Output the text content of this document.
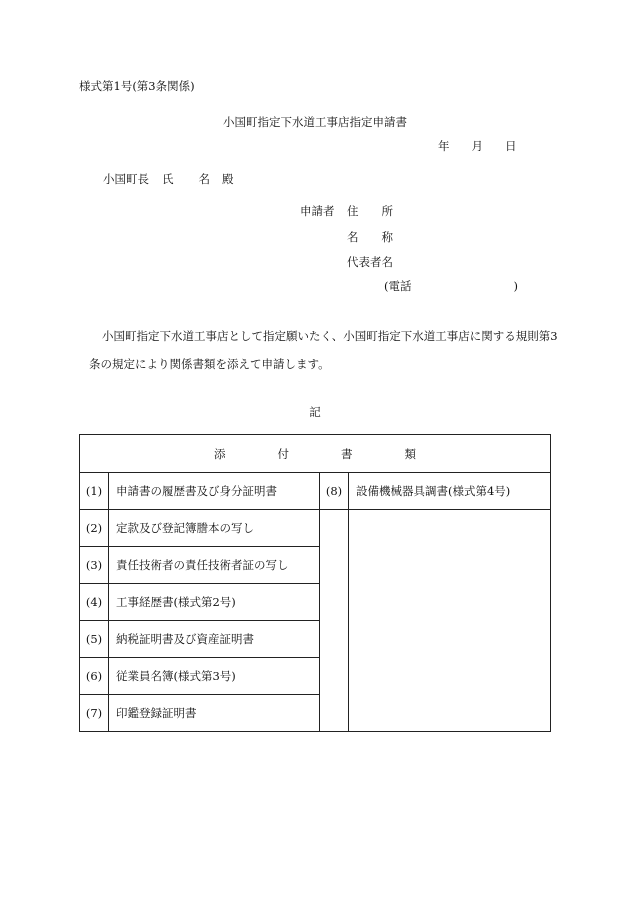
様式第1号(第3条関係)
小国町指定下水道工事店指定申請書
年 月 日
小国町長 氏 名 殿
申請者 住　　所
名　　称
代表者名
(電話	)
小国町指定下水道工事店として指定願いたく、小国町指定下水道工事店に関する規則第3条の規定により関係書類を添えて申請します。
記
添 付 書 類			
(1)	申請書の履歴書及び身分証明書	(8)	設備機械器具調書(様式第4号)
(2)	定款及び登記簿謄本の写し		
(3)	責任技術者の責任技術者証の写し		
(4)	工事経歴書(様式第2号)		
(5)	納税証明書及び資産証明書		
(6)	従業員名簿(様式第3号)		
(7)	印鑑登録証明書		
